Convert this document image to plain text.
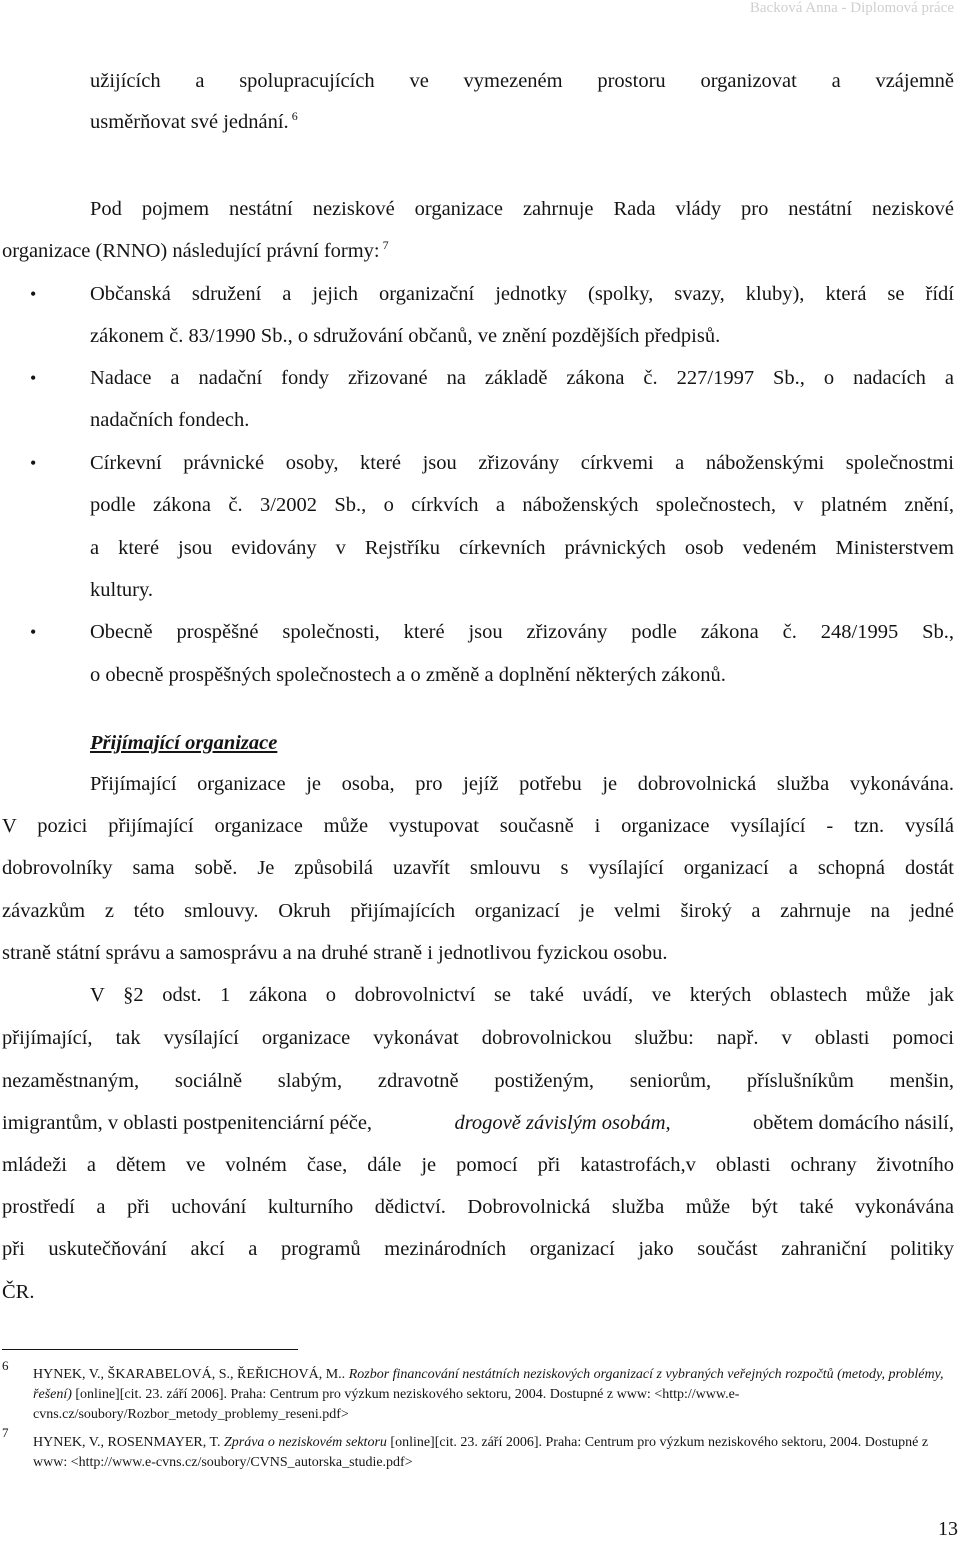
Backová Anna - Diplomová práce
užijících a spolupracujících ve vymezeném prostoru organizovat a vzájemně
usměrňovat své jednání. $^6$
Pod pojmem nestátní neziskové organizace zahrnuje Rada vlády pro nestátní neziskové
organizace (RNNO) následující právní formy: $^7$
•	Občanská sdružení a jejich organizační jednotky (spolky, svazy, kluby), která se řídí
zákonem č. 83/1990 Sb., o sdružování občanů, ve znění pozdějších předpisů.
•	Nadace a nadační fondy zřizované na základě zákona č. 227/1997 Sb., o nadacích a
nadačních fondech.
•	Církevní právnické osoby, které jsou zřizovány církvemi a náboženskými společnostmi
podle zákona č. 3/2002 Sb., o církvích a náboženských společnostech, v platném znění,
a které jsou evidovány v Rejstříku církevních právnických osob vedeném Ministerstvem
kultury.
•	Obecně prospěšné společnosti, které jsou zřizovány podle zákona č. 248/1995 Sb.,
o obecně prospěšných společnostech a o změně a doplnění některých zákonů.
Přijímající organizace
Přijímající organizace je osoba, pro jejíž potřebu je dobrovolnická služba vykonávána.
V pozici přijímající organizace může vystupovat současně i organizace vysílající - tzn. vysílá
dobrovolníky sama sobě. Je způsobilá uzavřít smlouvu s vysílající organizací a schopná dostát
závazkům z této smlouvy. Okruh přijímajících organizací je velmi široký a zahrnuje na jedné
straně státní správu a samosprávu a na druhé straně i jednotlivou fyzickou osobu.
V §2 odst. 1 zákona o dobrovolnictví se také uvádí, ve kterých oblastech může jak
přijímající, tak vysílající organizace vykonávat dobrovolnickou službu: např. v oblasti pomoci
nezaměstnaným, sociálně slabým, zdravotně postiženým, seniorům, příslušníkům menšin,
imigrantům, v oblasti postpenitenciární péče,	drogově závislým osobám,	obětem domácího násilí,
mládeži a dětem ve volném čase, dále je pomocí při katastrofách,v oblasti ochrany životního
prostředí a při uchování kulturního dědictví. Dobrovolnická služba může být také vykonávána
při uskutečňování akcí a programů mezinárodních organizací jako součást zahraniční politiky
ČR.
6
HYNEK, V., ŠKARABELOVÁ, S., ŘEŘICHOVÁ, M.. Rozbor financování nestátních neziskových organizací z vybraných veřejných rozpočtů (metody, problémy, řešení) [online][cit. 23. září 2006]. Praha: Centrum pro výzkum neziskového sektoru, 2004. Dostupné z www: <http://www.e-cvns.cz/soubory/Rozbor_metody_problemy_reseni.pdf>
7
HYNEK, V., ROSENMAYER, T. Zpráva o neziskovém sektoru [online][cit. 23. září 2006]. Praha: Centrum pro výzkum neziskového sektoru, 2004. Dostupné z www: <http://www.e-cvns.cz/soubory/CVNS_autorska_studie.pdf>
13
